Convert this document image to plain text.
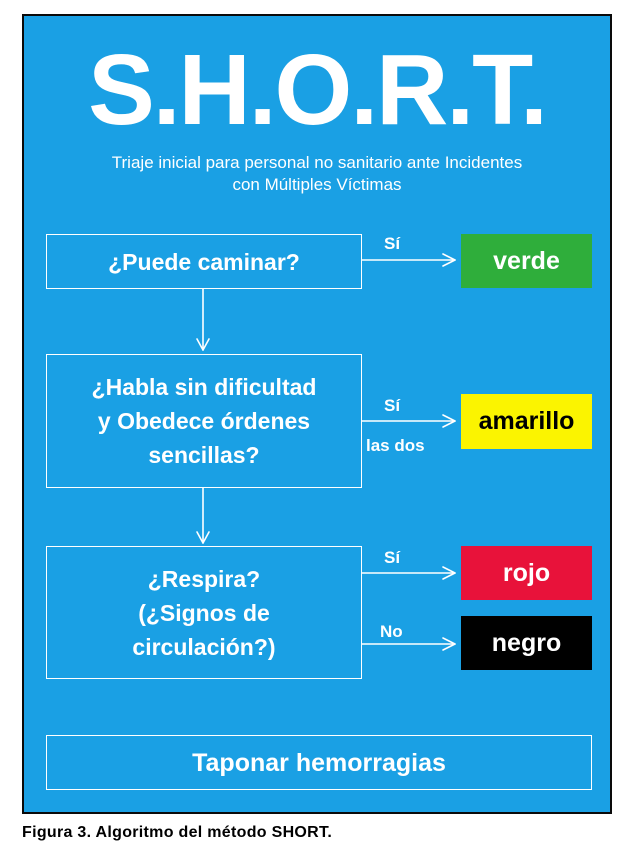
S.H.O.R.T.
Triaje inicial para personal no sanitario ante Incidentes
con Múltiples Víctimas
¿Puede caminar?
¿Habla sin dificultad
y Obedece órdenes
sencillas?
¿Respira?
(¿Signos de
circulación?)
Sí
Sí
las dos
Sí
No
verde
amarillo
rojo
negro
Taponar hemorragias
Figura 3. Algoritmo del método SHORT.
